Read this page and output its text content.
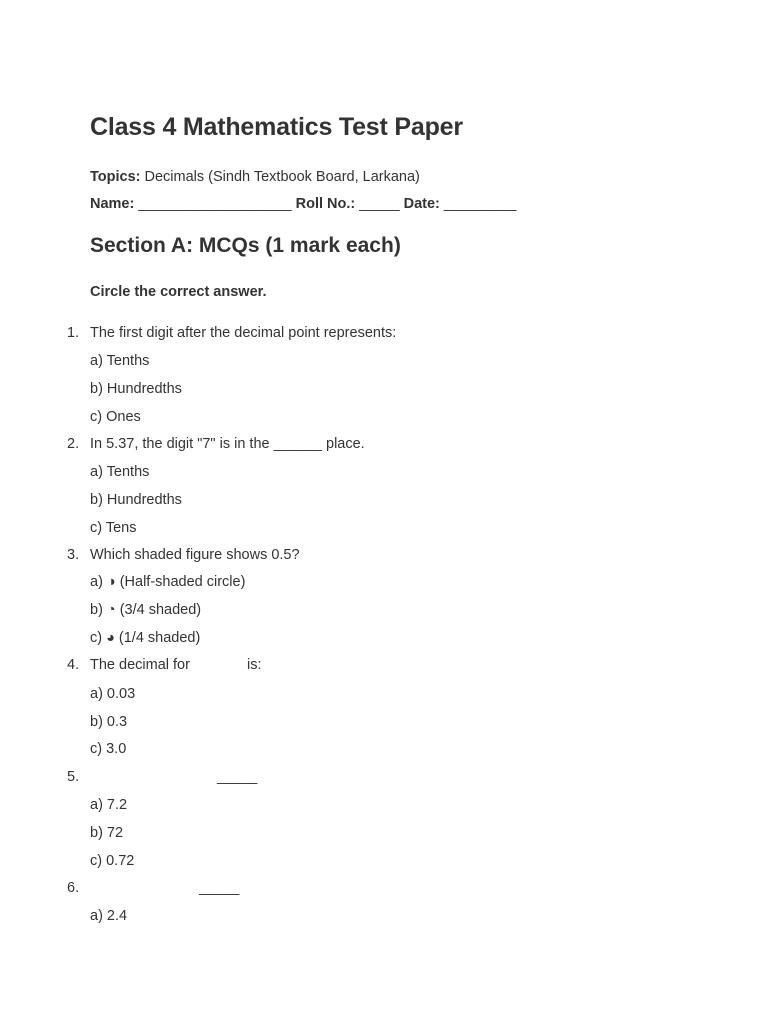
Class 4 Mathematics Test Paper
Topics: Decimals (Sindh Textbook Board, Larkana)
Name: ___________________ Roll No.: _____ Date: _________
Section A: MCQs (1 mark each)
Circle the correct answer.
1. The first digit after the decimal point represents:
a) Tenths
b) Hundredths
c) Ones
2. In 5.37, the digit "7" is in the ______ place.
a) Tenths
b) Hundredths
c) Tens
3. Which shaded figure shows 0.5?
a) ◑ (Half-shaded circle)
b) ◔ (3/4 shaded)
c) ◕ (1/4 shaded)
4. The decimal for	is:
a) 0.03
b) 0.3
c) 3.0
5.	_____
a) 7.2
b) 72
c) 0.72
6.	_____
a) 2.4
